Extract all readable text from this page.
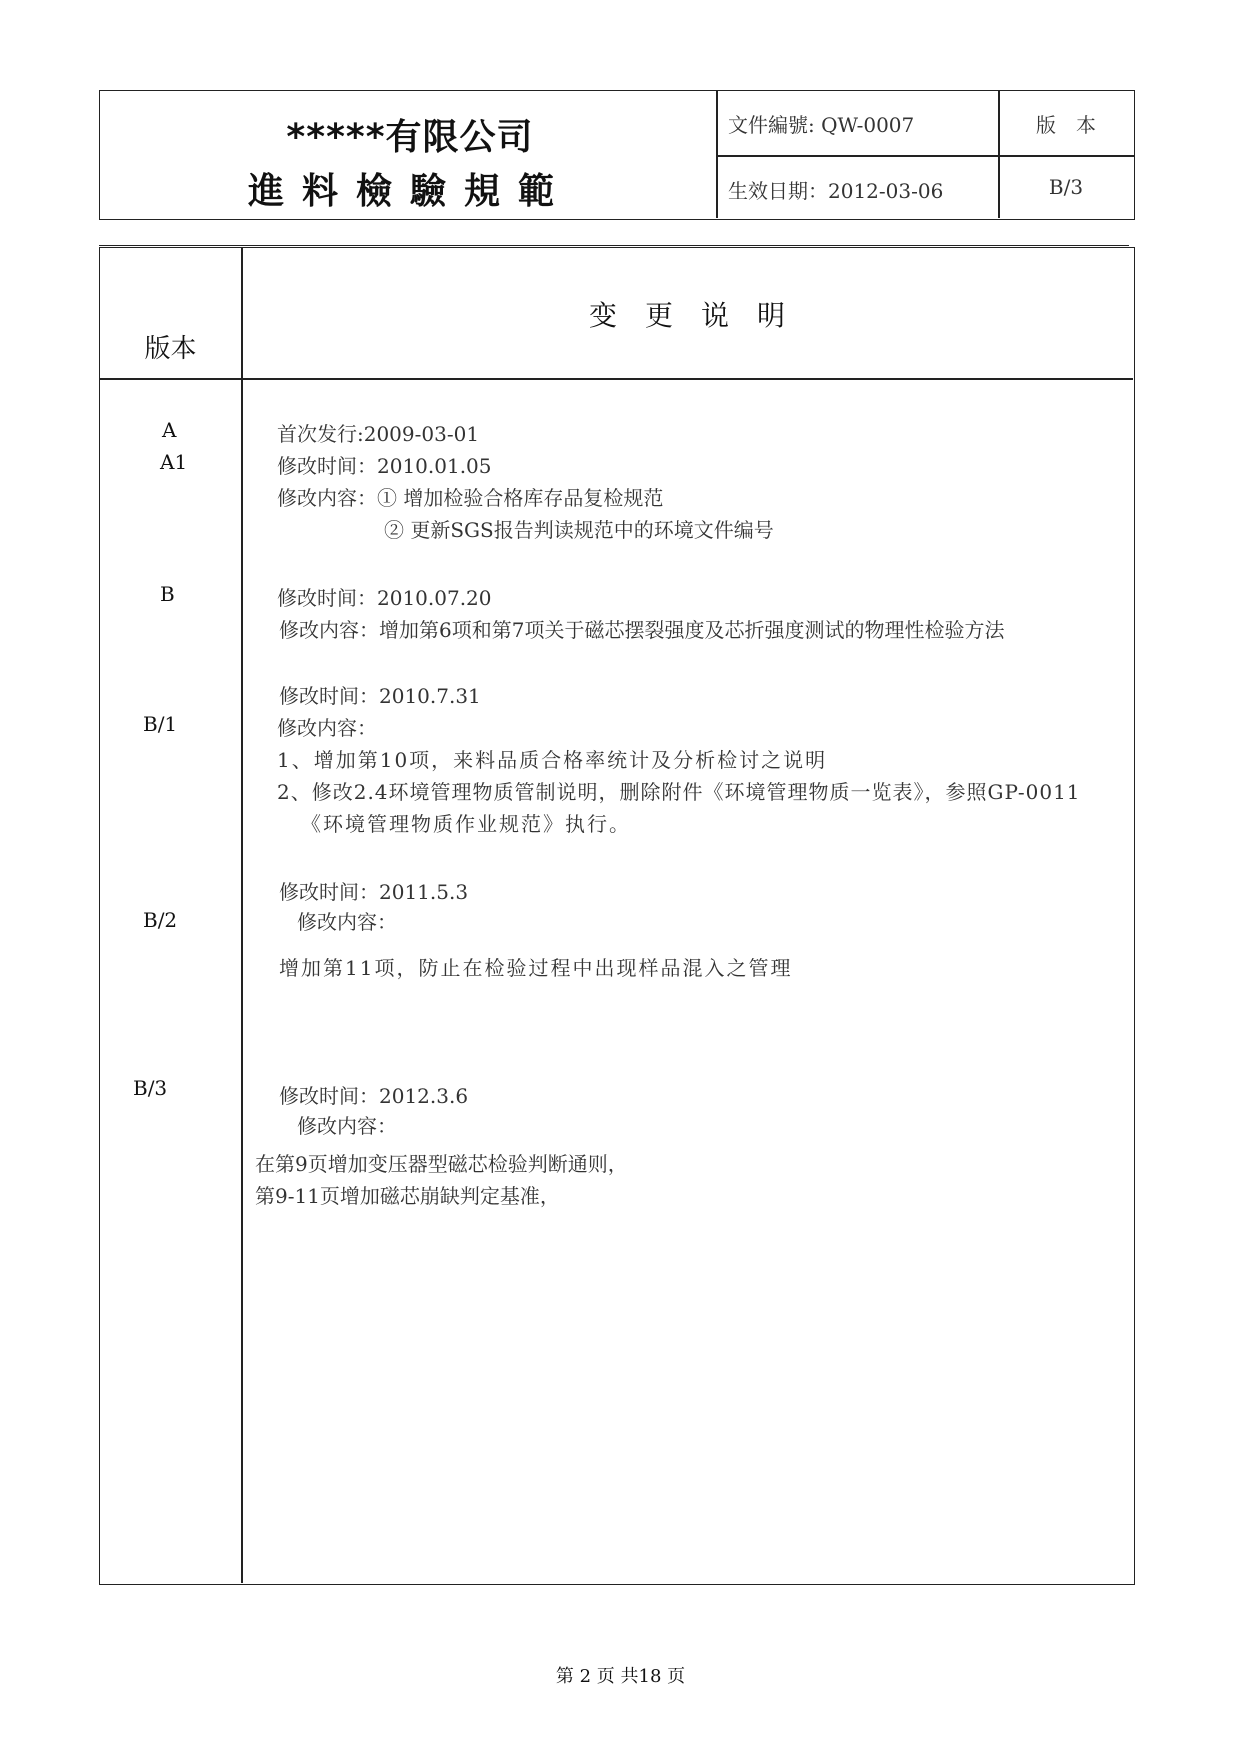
*****有限公司
進料檢驗規範
文件編號: QW-0007	版　本
生效日期：2012-03-06	B/3
版本
变　更　说　明
A
A1
B
B/1
B/2
B/3
首次发行:2009-03-01
修改时间：2010.01.05
修改内容：① 增加检验合格库存品复检规范
② 更新SGS报告判读规范中的环境文件编号
修改时间：2010.07.20
修改内容：增加第6项和第7项关于磁芯摆裂强度及芯折强度测试的物理性检验方法
修改时间：2010.7.31
修改内容：
1、增加第10项，来料品质合格率统计及分析检讨之说明
2、修改2.4环境管理物质管制说明，删除附件《环境管理物质一览表》，参照GP-0011
《环境管理物质作业规范》执行。
修改时间：2011.5.3
修改内容：
增加第11项，防止在检验过程中出现样品混入之管理
修改时间：2012.3.6
修改内容：
在第9页增加变压器型磁芯检验判断通则，
第9-11页增加磁芯崩缺判定基准，
第 2 页 共18 页
